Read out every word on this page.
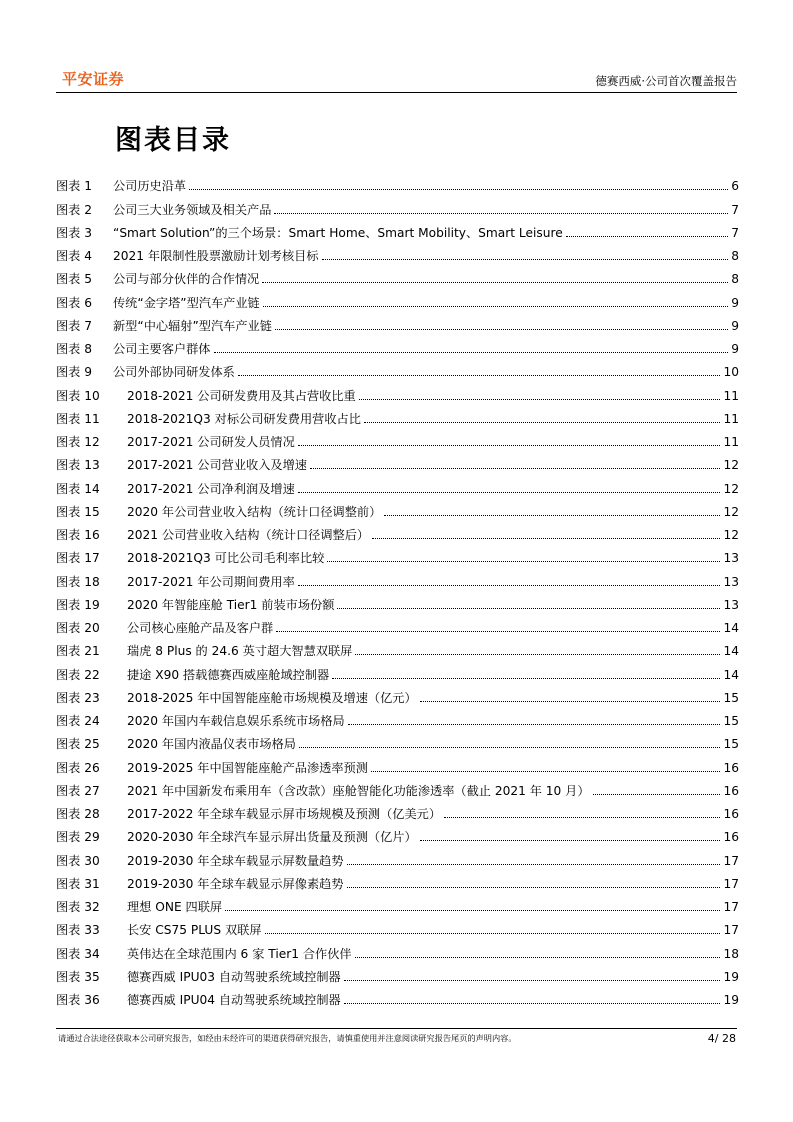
平安证券	德赛西威·公司首次覆盖报告
图表目录
图表 1	公司历史沿革	6
图表 2	公司三大业务领域及相关产品	7
图表 3	“Smart Solution”的三个场景：Smart Home、Smart Mobility、Smart Leisure	7
图表 4	2021 年限制性股票激励计划考核目标	8
图表 5	公司与部分伙伴的合作情况	8
图表 6	传统“金字塔”型汽车产业链	9
图表 7	新型“中心辐射”型汽车产业链	9
图表 8	公司主要客户群体	9
图表 9	公司外部协同研发体系	10
图表 10	2018-2021 公司研发费用及其占营收比重	11
图表 11	2018-2021Q3 对标公司研发费用营收占比	11
图表 12	2017-2021 公司研发人员情况	11
图表 13	2017-2021 公司营业收入及增速	12
图表 14	2017-2021 公司净利润及增速	12
图表 15	2020 年公司营业收入结构（统计口径调整前）	12
图表 16	2021 公司营业收入结构（统计口径调整后）	12
图表 17	2018-2021Q3 可比公司毛利率比较	13
图表 18	2017-2021 年公司期间费用率	13
图表 19	2020 年智能座舱 Tier1 前装市场份额	13
图表 20	公司核心座舱产品及客户群	14
图表 21	瑞虎 8 Plus 的 24.6 英寸超大智慧双联屏	14
图表 22	捷途 X90 搭载德赛西威座舱域控制器	14
图表 23	2018-2025 年中国智能座舱市场规模及增速（亿元）	15
图表 24	2020 年国内车载信息娱乐系统市场格局	15
图表 25	2020 年国内液晶仪表市场格局	15
图表 26	2019-2025 年中国智能座舱产品渗透率预测	16
图表 27	2021 年中国新发布乘用车（含改款）座舱智能化功能渗透率（截止 2021 年 10 月）	16
图表 28	2017-2022 年全球车载显示屏市场规模及预测（亿美元）	16
图表 29	2020-2030 年全球汽车显示屏出货量及预测（亿片）	16
图表 30	2019-2030 年全球车载显示屏数量趋势	17
图表 31	2019-2030 年全球车载显示屏像素趋势	17
图表 32	理想 ONE 四联屏	17
图表 33	长安 CS75 PLUS 双联屏	17
图表 34	英伟达在全球范围内 6 家 Tier1 合作伙伴	18
图表 35	德赛西威 IPU03 自动驾驶系统域控制器	19
图表 36	德赛西威 IPU04 自动驾驶系统域控制器	19
请通过合法途径获取本公司研究报告，如经由未经许可的渠道获得研究报告，请慎重使用并注意阅读研究报告尾页的声明内容。	4/ 28
